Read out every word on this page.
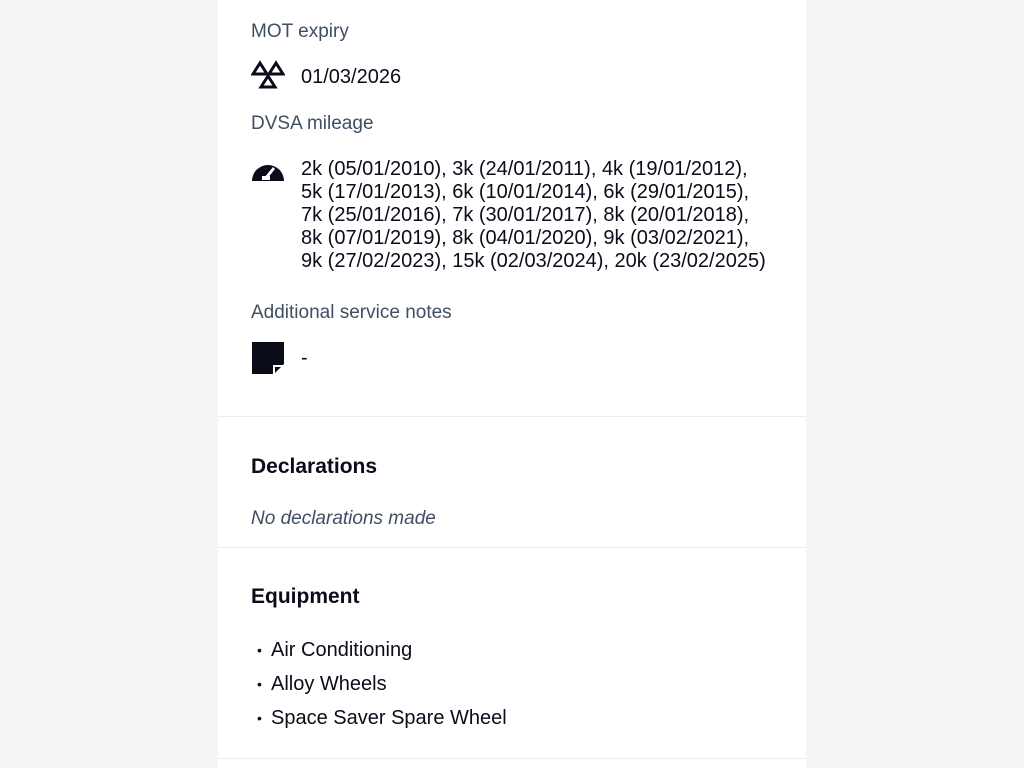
MOT expiry
01/03/2026
DVSA mileage
2k (05/01/2010), 3k (24/01/2011), 4k (19/01/2012), 5k (17/01/2013), 6k (10/01/2014), 6k (29/01/2015), 7k (25/01/2016), 7k (30/01/2017), 8k (20/01/2018), 8k (07/01/2019), 8k (04/01/2020), 9k (03/02/2021), 9k (27/02/2023), 15k (02/03/2024), 20k (23/02/2025)
Additional service notes
-
Declarations
No declarations made
Equipment
• Air Conditioning
• Alloy Wheels
• Space Saver Spare Wheel
